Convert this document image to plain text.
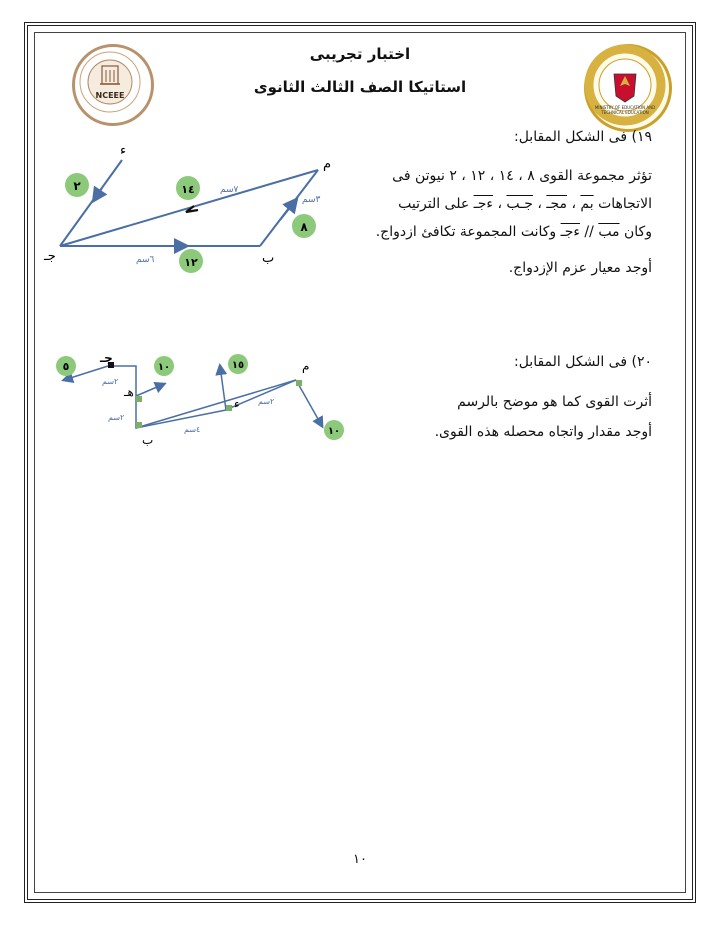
اختبار تجريبى
استاتيكا الصف الثالث الثانوى
NCEEE
MINISTRY OF EDUCATION AND TECHNICAL EDUCATION
١٩) فى الشكل المقابل:
تؤثر مجموعة القوى ٨ ، ١٤ ، ١٢ ، ٢ نيوتن فى
الاتجاهات بم ، مجـ ، جـب ، ءجـ على الترتيب
وكان مب // ءجـ وكانت المجموعة تكافئ ازدواج.
أوجد معيار عزم الإزدواج.
م
ب
جـ
ء
٧سم
٣سم
٦سم
٢	١٤
٨
١٢
٢٠) فى الشكل المقابل:
أثرت القوى كما هو موضح بالرسم
أوجد مقدار واتجاه محصله هذه القوى.
جـ
هـ
ب
ء
م
٢سم
٢سم
٤سم
٢سم
٥	١٠	١٥
١٠
١٠
